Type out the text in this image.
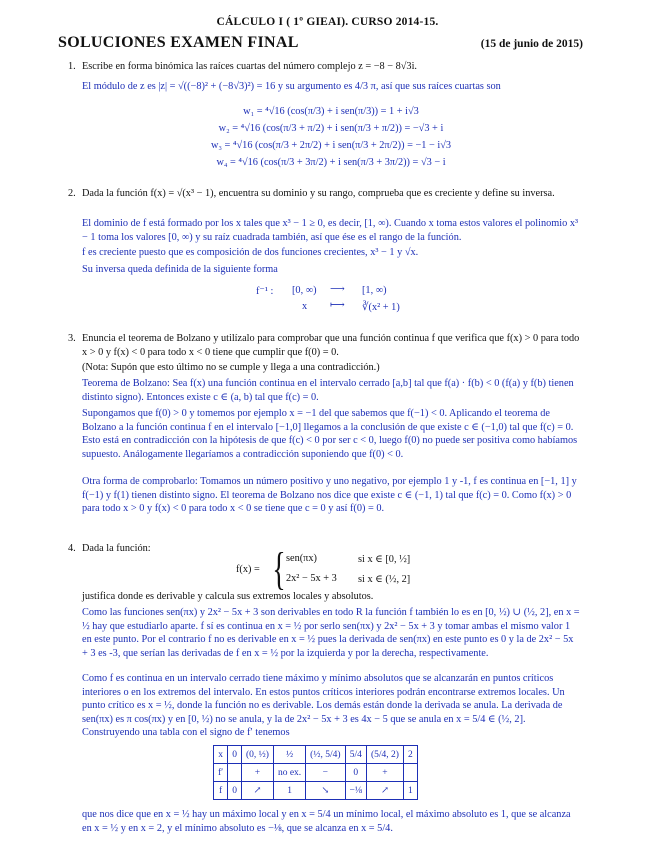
CÁLCULO I ( 1º GIEAI). CURSO 2014-15.
SOLUCIONES EXAMEN FINAL	(15 de junio de 2015)
1. Escribe en forma binómica las raíces cuartas del número complejo z = −8 − 8√3i.
El módulo de z es |z| = √((−8)² + (−8√3)²) = 16 y su argumento es 4/3 π, así que sus raíces cuartas son
w₁ = ⁴√16 (cos(π/3) + i sen(π/3)) = 1 + i√3
w₂ = ⁴√16 (cos(π/3 + π/2) + i sen(π/3 + π/2)) = −√3 + i
w₃ = ⁴√16 (cos(π/3 + 2π/2) + i sen(π/3 + 2π/2)) = −1 − i√3
w₄ = ⁴√16 (cos(π/3 + 3π/2) + i sen(π/3 + 3π/2)) = √3 − i
2. Dada la función f(x) = √(x³ − 1), encuentra su dominio y su rango, comprueba que es creciente y define su inversa.
El dominio de f está formado por los x tales que x³ − 1 ≥ 0, es decir, [1, ∞). Cuando x toma estos valores el polinomio x³ − 1 toma los valores [0, ∞) y su raíz cuadrada también, así que ése es el rango de la función.
f es creciente puesto que es composición de dos funciones crecientes, x³ − 1 y √x.
Su inversa queda definida de la siguiente forma
f⁻¹ : [0, ∞) ⟶ [1, ∞)
x ⟼ ∛(x² + 1)
3. Enuncia el teorema de Bolzano y utilízalo para comprobar que una función continua f que verifica que f(x) > 0 para todo x > 0 y f(x) < 0 para todo x < 0 tiene que cumplir que f(0) = 0.
(Nota: Supón que esto último no se cumple y llega a una contradicción.)
Teorema de Bolzano: Sea f(x) una función continua en el intervalo cerrado [a,b] tal que f(a) · f(b) < 0 (f(a) y f(b) tienen distinto signo). Entonces existe c ∈ (a, b) tal que f(c) = 0.
Supongamos que f(0) > 0 y tomemos por ejemplo x = −1 del que sabemos que f(−1) < 0. Aplicando el teorema de Bolzano a la función continua f en el intervalo [−1,0] llegamos a la conclusión de que existe c ∈ (−1,0) tal que f(c) = 0. Esto está en contradicción con la hipótesis de que f(c) < 0 por ser c < 0, luego f(0) no puede ser positiva como habíamos supuesto. Análogamente llegaríamos a contradicción suponiendo que f(0) < 0.
Otra forma de comprobarlo: Tomamos un número positivo y uno negativo, por ejemplo 1 y -1, f es continua en [−1, 1] y f(−1) y f(1) tienen distinto signo. El teorema de Bolzano nos dice que existe c ∈ (−1, 1) tal que f(c) = 0. Como f(x) > 0 para todo x > 0 y f(x) < 0 para todo x < 0 se tiene que c = 0 y así f(0) = 0.
4. Dada la función:
f(x) = { sen(πx)	si x ∈ [0, ½]
2x² − 5x + 3 si x ∈ (½, 2]
justifica donde es derivable y calcula sus extremos locales y absolutos.
Como las funciones sen(πx) y 2x² − 5x + 3 son derivables en todo R la función f también lo es en [0, ½) ∪ (½, 2], en x = ½ hay que estudiarlo aparte. f sí es continua en x = ½ por serlo sen(πx) y 2x² − 5x + 3 y tomar ambas el mismo valor 1 en este punto. Por el contrario f no es derivable en x = ½ pues la derivada de sen(πx) en este punto es 0 y la de 2x² − 5x + 3 es -3, que serían las derivadas de f en x = ½ por la izquierda y por la derecha, respectivamente.
Como f es continua en un intervalo cerrado tiene máximo y mínimo absolutos que se alcanzarán en puntos críticos interiores o en los extremos del intervalo. En estos puntos críticos interiores podrán encontrarse extremos locales. Un punto crítico es x = ½, donde la función no es derivable. Los demás están donde la derivada se anula. La derivada de sen(πx) es π cos(πx) y en [0, ½) no se anula, y la de 2x² − 5x + 3 es 4x − 5 que se anula en x = 5/4 ∈ (½, 2]. Construyendo una tabla con el signo de f′ tenemos
x	0	(0, ½)	½	(½, 5/4)	5/4	(5/4, 2)	2
f′		+	no ex.	−	0	+	
f	0	↗	1	↘	−⅛	↗	1
que nos dice que en x = ½ hay un máximo local y en x = 5/4 un mínimo local, el máximo absoluto es 1, que se alcanza en x = ½ y en x = 2, y el mínimo absoluto es −⅛, que se alcanza en x = 5/4.
